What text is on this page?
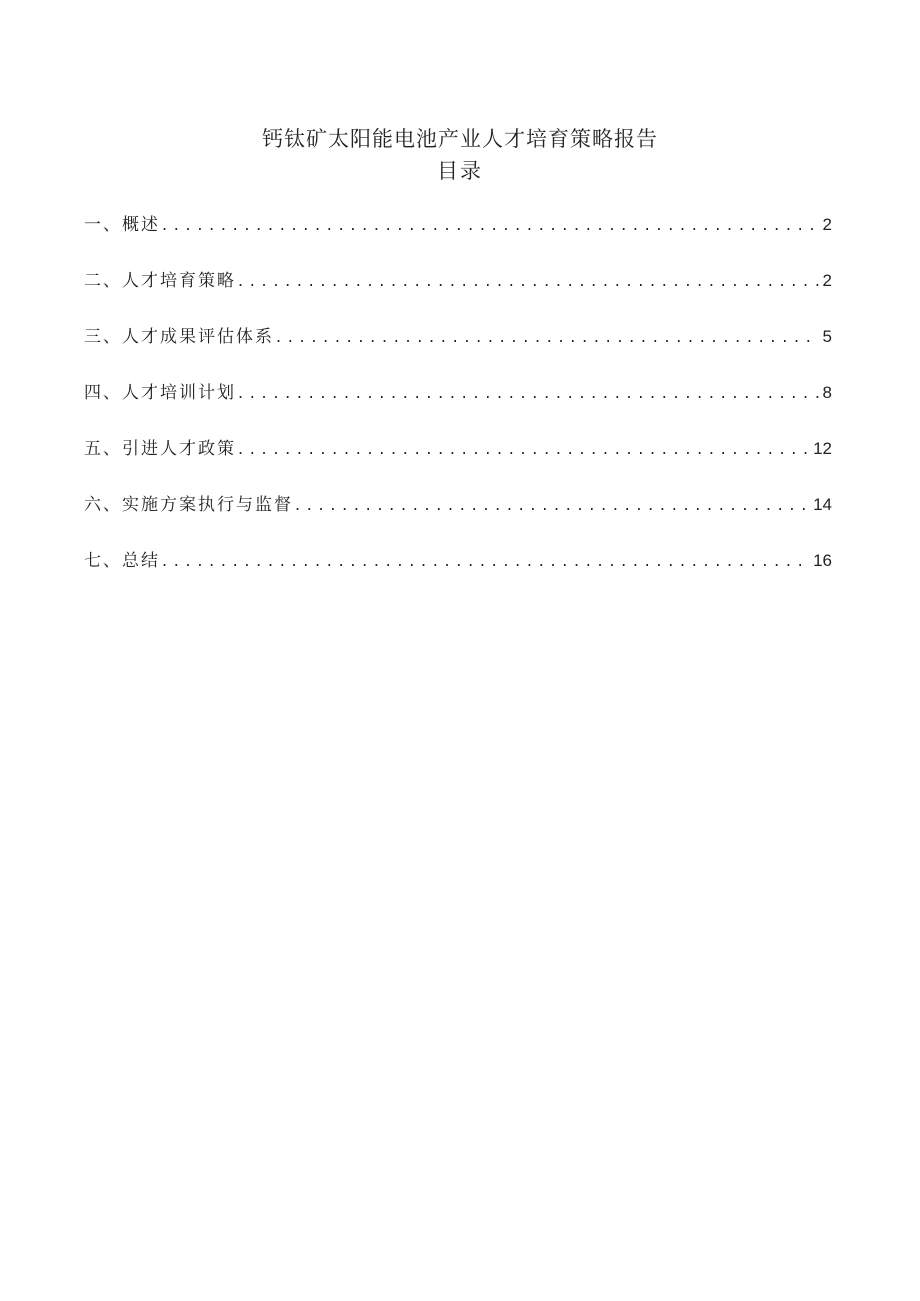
钙钛矿太阳能电池产业人才培育策略报告
目录
一、概述 . . .	2
二、人才培育策略 . . .	2
三、人才成果评估体系 . . .	5
四、人才培训计划 . . .	8
五、引进人才政策 . . .	12
六、实施方案执行与监督 . . .	14
七、总结 . . .	16
